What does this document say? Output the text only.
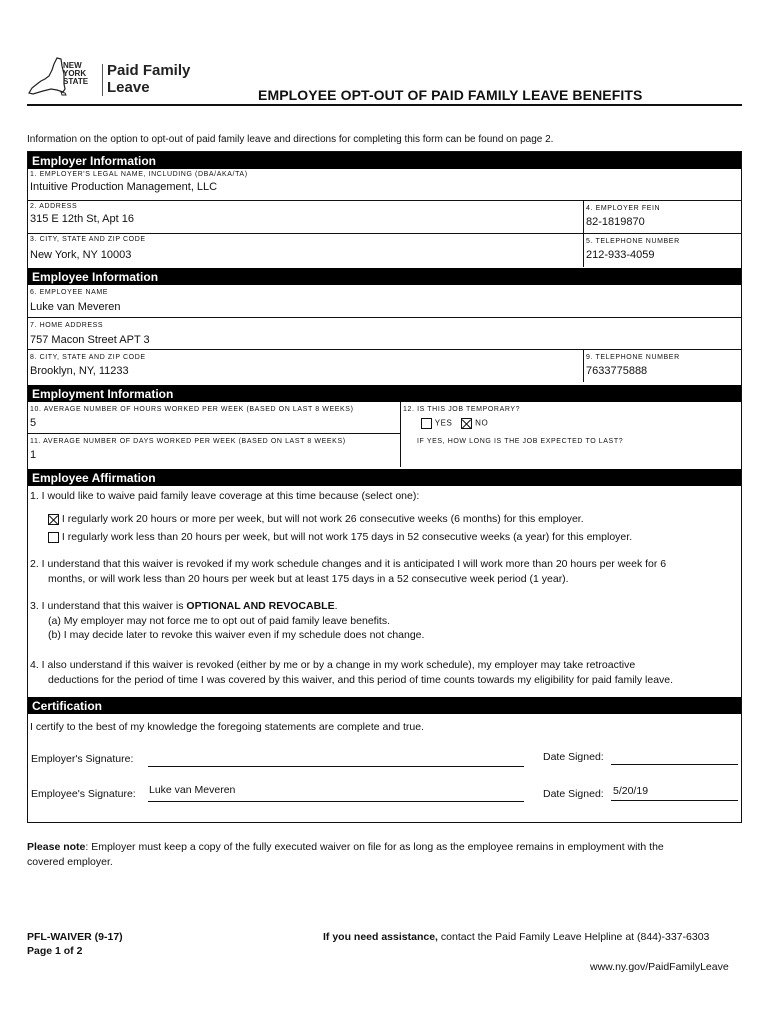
NEW
YORK
STATE
Paid Family
Leave	EMPLOYEE OPT-OUT OF PAID FAMILY LEAVE BENEFITS
Information on the option to opt-out of paid family leave and directions for completing this form can be found on page 2.
Employer Information
1. EMPLOYER'S LEGAL NAME, INCLUDING (DBA/AKA/TA)
Intuitive Production Management, LLC
2. ADDRESS
315 E 12th St, Apt 16
4. EMPLOYER FEIN
82-1819870
3. CITY, STATE AND ZIP CODE
New York, NY 10003
5. TELEPHONE NUMBER
212-933-4059
Employee Information
6. EMPLOYEE NAME
Luke van Meveren
7. HOME ADDRESS
757 Macon Street APT 3
8. CITY, STATE AND ZIP CODE
Brooklyn, NY, 11233
9. TELEPHONE NUMBER
7633775888
Employment Information
10. AVERAGE NUMBER OF HOURS WORKED PER WEEK (BASED ON LAST 8 WEEKS)
5
11. AVERAGE NUMBER OF DAYS WORKED PER WEEK (BASED ON LAST 8 WEEKS)
1
12. IS THIS JOB TEMPORARY?
YES	NO
IF YES, HOW LONG IS THE JOB EXPECTED TO LAST?
Employee Affirmation
1. I would like to waive paid family leave coverage at this time because (select one):
I regularly work 20 hours or more per week, but will not work 26 consecutive weeks (6 months) for this employer.
I regularly work less than 20 hours per week, but will not work 175 days in 52 consecutive weeks (a year) for this employer.
2. I understand that this waiver is revoked if my work schedule changes and it is anticipated I will work more than 20 hours per week for 6
months, or will work less than 20 hours per week but at least 175 days in a 52 consecutive week period (1 year).
3. I understand that this waiver is OPTIONAL AND REVOCABLE.
(a) My employer may not force me to opt out of paid family leave benefits.
(b) I may decide later to revoke this waiver even if my schedule does not change.
4. I also understand if this waiver is revoked (either by me or by a change in my work schedule), my employer may take retroactive
deductions for the period of time I was covered by this waiver, and this period of time counts towards my eligibility for paid family leave.
Certification
I certify to the best of my knowledge the foregoing statements are complete and true.
Employer's Signature:	Date Signed:
Employee's Signature: Luke van Meveren	Date Signed: 5/20/19
Please note: Employer must keep a copy of the fully executed waiver on file for as long as the employee remains in employment with the
covered employer.
PFL-WAIVER (9-17)
Page 1 of 2
If you need assistance, contact the Paid Family Leave Helpline at (844)-337-6303
www.ny.gov/PaidFamilyLeave
